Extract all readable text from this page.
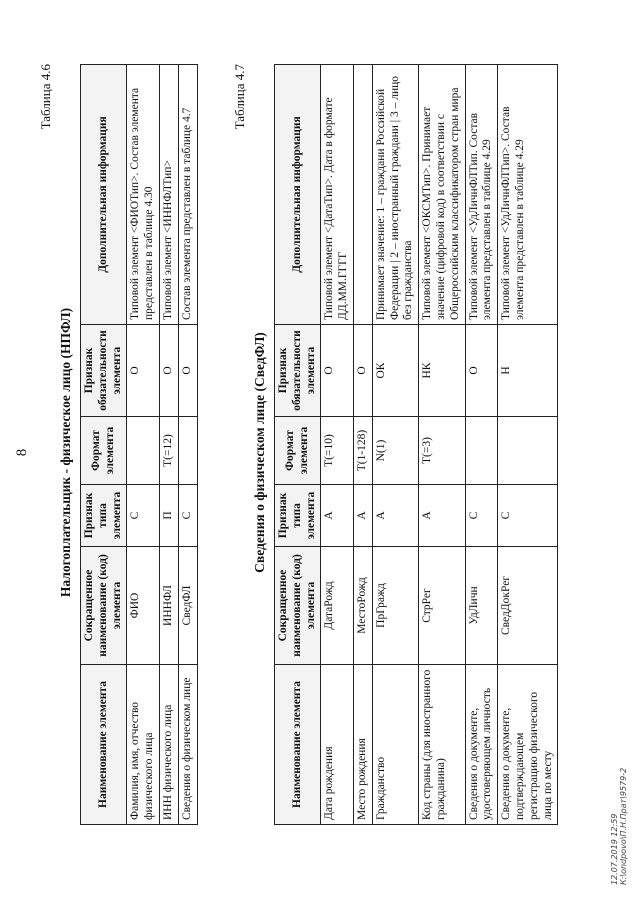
8
Таблица 4.6
Налогоплательщик - физическое лицо (НПФЛ)
Наименование элемента	Сокращенное наименование (код) элемента	Признак типа элемента	Формат элемента	Признак обязательности элемента	Дополнительная информация
Фамилия, имя, отчество физического лица	ФИО	С		О	Типовой элемент <ФИОТип>. Состав элемента представлен в таблице 4.30
ИНН физического лица	ИННФЛ	П	T(=12)	О	Типовой элемент <ИННФЛТип>
Сведения о физическом лице	СведФЛ	С		О	Состав элемента представлен в таблице 4.7
Таблица 4.7
Сведения о физическом лице (СведФЛ)
Наименование элемента	Сокращенное наименование (код) элемента	Признак типа элемента	Формат элемента	Признак обязательности элемента	Дополнительная информация
Дата рождения	ДатаРожд	А	T(=10)	О	Типовой элемент <ДатаТип>. Дата в формате ДД.ММ.ГГГГ
Место рождения	МестоРожд	А	T(1-128)	О	
Гражданство	ПрГражд	А	N(1)	ОК	Принимает значение: 1 – граждани Российской Федерации | 2 – иностранный граждани | 3 – лицо без гражданства
Код страны (для иностранного гражданина)	СтрРег	А	T(=3)	НК	Типовой элемент <ОКСМТип>. Принимает значение (цифровой код) в соответствии с Общероссийским классификатором стран мира
Сведения о документе, удостоверяющем личность	УдЛичн	С		О	Типовой элемент <УдЛичнФЛТип. Состав элемента представлен в таблице 4.29
Сведения о документе, подтверждающем регистрацию физического лица по месту	СведДокРег	С		Н	Типовой элемент <УдЛичнФЛТип>. Состав элемента представлен в таблице 4.29
12.07.2019 12:59 К:\ondpovo\П.Н.Прат\9579-2
